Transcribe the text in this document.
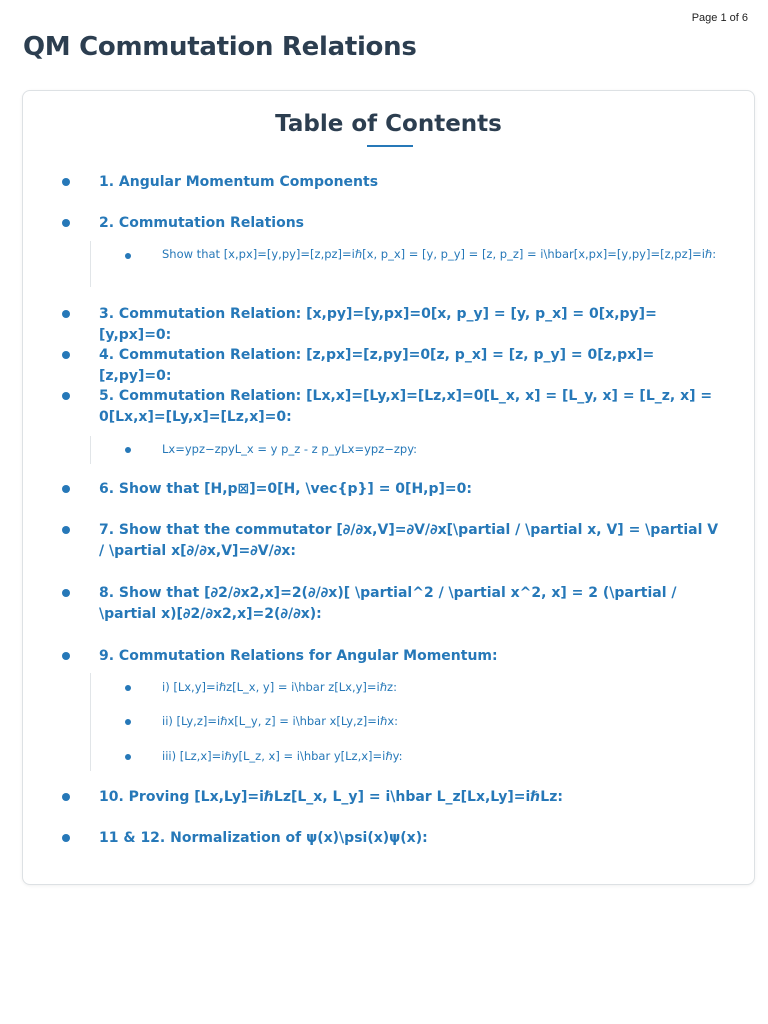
Page 1 of 6
QM Commutation Relations
Table of Contents
1. Angular Momentum Components
2. Commutation Relations
Show that [x,px]=[y,py]=[z,pz]=iℏ[x, p_x] = [y, p_y] = [z, p_z] = i\hbar[x,px]=[y,py]=[z,pz]=iℏ:
3. Commutation Relation: [x,py]=[y,px]=0[x, p_y] = [y, p_x] = 0[x,py]=[y,px]=0:
4. Commutation Relation: [z,px]=[z,py]=0[z, p_x] = [z, p_y] = 0[z,px]=[z,py]=0:
5. Commutation Relation: [Lx,x]=[Ly,x]=[Lz,x]=0[L_x, x] = [L_y, x] = [L_z, x] = 0[Lx,x]=[Ly,x]=[Lz,x]=0:
Lx=ypz−zpyL_x = y p_z - z p_yLx=ypz−zpy:
6. Show that [H,p⊠]=0[H, \vec{p}] = 0[H,p]=0:
7. Show that the commutator [∂/∂x,V]=∂V/∂x[\partial / \partial x, V] = \partial V / \partial x[∂/∂x,V]=∂V/∂x:
8. Show that [∂2/∂x2,x]=2(∂/∂x)[ \partial^2 / \partial x^2, x] = 2 (\partial / \partial x)[∂2/∂x2,x]=2(∂/∂x):
9. Commutation Relations for Angular Momentum:
i) [Lx,y]=iℏz[L_x, y] = i\hbar z[Lx,y]=iℏz:
ii) [Ly,z]=iℏx[L_y, z] = i\hbar x[Ly,z]=iℏx:
iii) [Lz,x]=iℏy[L_z, x] = i\hbar y[Lz,x]=iℏy:
10. Proving [Lx,Ly]=iℏLz[L_x, L_y] = i\hbar L_z[Lx,Ly]=iℏLz:
11 & 12. Normalization of ψ(x)\psi(x)ψ(x):
